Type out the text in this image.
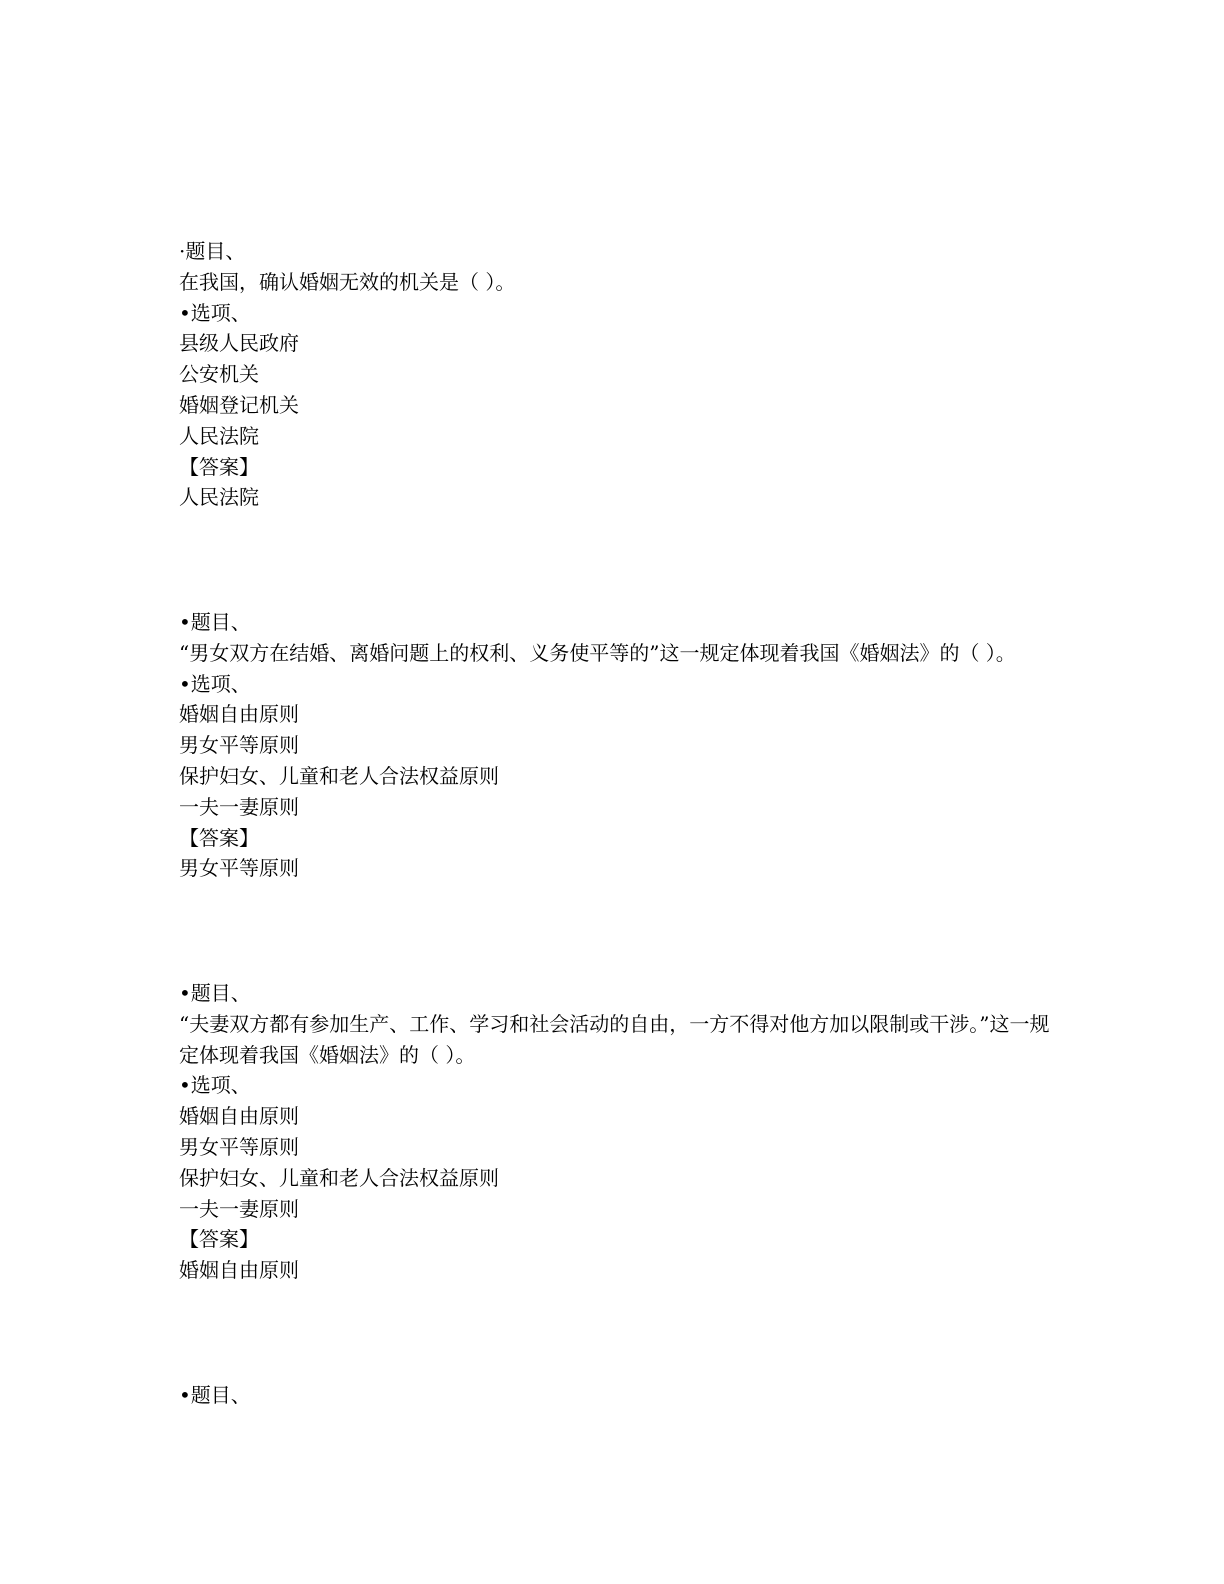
·题目、
在我国，确认婚姻无效的机关是（ ）。
•选项、
县级人民政府
公安机关
婚姻登记机关
人民法院
【答案】
人民法院
•题目、
“男女双方在结婚、离婚问题上的权利、义务使平等的”这一规定体现着我国《婚姻法》的（ ）。
•选项、
婚姻自由原则
男女平等原则
保护妇女、儿童和老人合法权益原则
一夫一妻原则
【答案】
男女平等原则
•题目、
“夫妻双方都有参加生产、工作、学习和社会活动的自由，一方不得对他方加以限制或干涉。”这一规定体现着我国《婚姻法》的（ ）。
•选项、
婚姻自由原则
男女平等原则
保护妇女、儿童和老人合法权益原则
一夫一妻原则
【答案】
婚姻自由原则
•题目、
